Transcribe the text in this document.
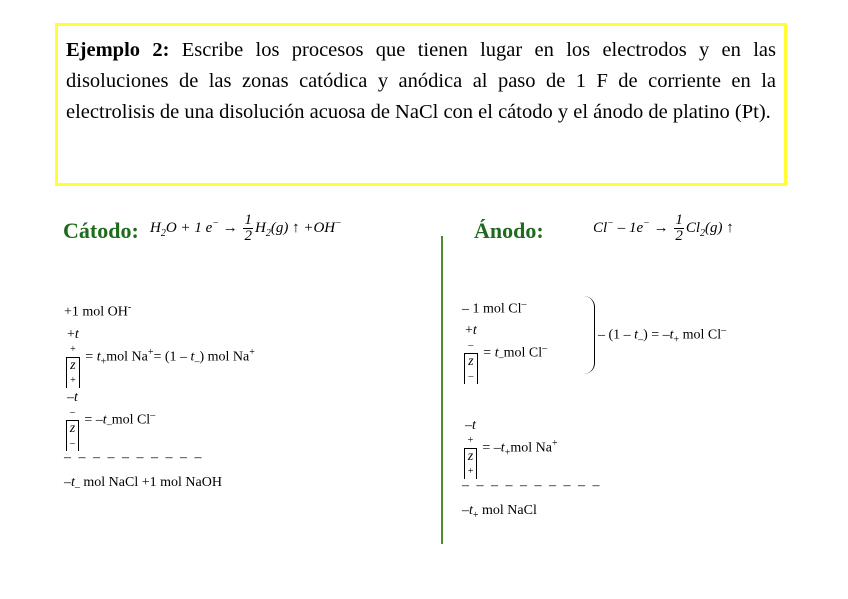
Ejemplo 2: Escribe los procesos que tienen lugar en los electrodos y en las disoluciones de las zonas catódica y anódica al paso de 1 F de corriente en la electrolisis de una disolución acuosa de NaCl con el cátodo y el ánodo de platino (Pt).
Cátodo: $H_2O + 1$ $e^- \to \frac{1}{2} H_2(g)$ ↑ +OH−	Ánodo:	$Cl^- - 1e^- \to \frac{1}{2} Cl_2(g)$ ↑
+1 mol OH-
+t
+
z
+ = $t_+mol$ $Na^+= (1 - t_-)$ mol Na+
–t
–
z
– = $-t_-mol$ Cl–
– – – – – – – – – –
$-t_-$ mol NaCl +1 mol NaOH
– 1 mol Cl–
+t
–
z
– = $t_-mol$ Cl–
– $(1 - t_-) = -t_+$ mol Cl–
–t
+
z
+ = $-t_+mol$ Na+
– – – – – – – – – –
$-t_+$ mol NaCl
